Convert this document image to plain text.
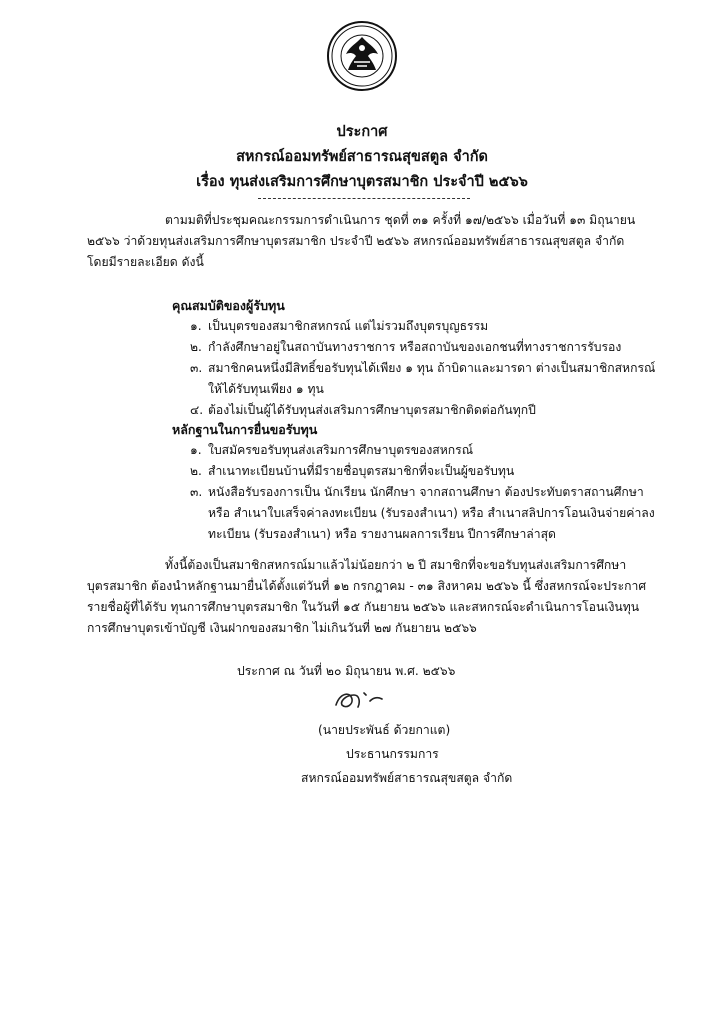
ประกาศ
สหกรณ์ออมทรัพย์สาธารณสุขสตูล จำกัด
เรื่อง ทุนส่งเสริมการศึกษาบุตรสมาชิก ประจำปี ๒๕๖๖
ตามมติที่ประชุมคณะกรรมการดำเนินการ ชุดที่ ๓๑ ครั้งที่ ๑๗/๒๕๖๖ เมื่อวันที่ ๑๓ มิถุนายน ๒๕๖๖ ว่าด้วยทุนส่งเสริมการศึกษาบุตรสมาชิก ประจำปี ๒๕๖๖ สหกรณ์ออมทรัพย์สาธารณสุขสตูล จำกัด โดยมีรายละเอียด ดังนี้
คุณสมบัติของผู้รับทุน
๑. เป็นบุตรของสมาชิกสหกรณ์ แต่ไม่รวมถึงบุตรบุญธรรม
๒. กำลังศึกษาอยู่ในสถาบันทางราชการ หรือสถาบันของเอกชนที่ทางราชการรับรอง
๓. สมาชิกคนหนึ่งมีสิทธิ์ขอรับทุนได้เพียง ๑ ทุน ถ้าบิดาและมารดา ต่างเป็นสมาชิกสหกรณ์ ให้ได้รับทุนเพียง ๑ ทุน
๔. ต้องไม่เป็นผู้ได้รับทุนส่งเสริมการศึกษาบุตรสมาชิกติดต่อกันทุกปี
หลักฐานในการยื่นขอรับทุน
๑. ใบสมัครขอรับทุนส่งเสริมการศึกษาบุตรของสหกรณ์
๒. สำเนาทะเบียนบ้านที่มีรายชื่อบุตรสมาชิกที่จะเป็นผู้ขอรับทุน
๓. หนังสือรับรองการเป็น นักเรียน นักศึกษา จากสถานศึกษา ต้องประทับตราสถานศึกษา หรือ สำเนาใบเสร็จค่าลงทะเบียน (รับรองสำเนา) หรือ สำเนาสลิปการโอนเงินจ่ายค่าลงทะเบียน (รับรองสำเนา) หรือ รายงานผลการเรียน ปีการศึกษาล่าสุด
ทั้งนี้ต้องเป็นสมาชิกสหกรณ์มาแล้วไม่น้อยกว่า ๒ ปี สมาชิกที่จะขอรับทุนส่งเสริมการศึกษาบุตรสมาชิก ต้องนำหลักฐานมายื่นได้ตั้งแต่วันที่ ๑๒ กรกฎาคม - ๓๑ สิงหาคม ๒๕๖๖ นี้ ซึ่งสหกรณ์จะประกาศรายชื่อผู้ที่ได้รับ ทุนการศึกษาบุตรสมาชิก ในวันที่ ๑๕ กันยายน ๒๕๖๖ และสหกรณ์จะดำเนินการโอนเงินทุนการศึกษาบุตรเข้าบัญชี เงินฝากของสมาชิก ไม่เกินวันที่ ๒๗ กันยายน ๒๕๖๖
ประกาศ ณ วันที่ ๒๐ มิถุนายน พ.ศ. ๒๕๖๖
(นายประพันธ์ ด้วยกาแต)
ประธานกรรมการ
สหกรณ์ออมทรัพย์สาธารณสุขสตูล จำกัด
